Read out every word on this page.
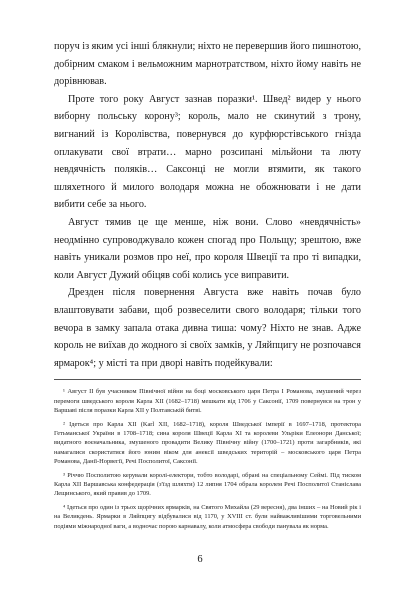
поруч із яким усі інші блякнули; ніхто не перевершив його пишнотою, добірним смаком і вельможним марнотратством, ніхто йому навіть не дорівнював.

Проте того року Август зазнав поразки¹. Швед² видер у нього виборну польську корону³; король, мало не скинутий з трону, вигнаний із Королівства, повернувся до курфюрстівського гнізда оплакувати свої втрати… марно розсипані мільйони та люту невдячність поляків… Саксонці не могли втямити, як такого шляхетного й милого володаря можна не обожнювати і не дати вибити себе за нього.

Август тямив це ще менше, ніж вони. Слово «невдячність» неодмінно супроводжувало кожен спогад про Польщу; зрештою, вже навіть уникали розмов про неї, про короля Швеції та про ті випадки, коли Август Дужий обіцяв собі колись усе виправити.

Дрезден після повернення Августа вже навіть почав було влаштовувати забави, щоб розвеселити свого володаря; тільки того вечора в замку запала отака дивна тиша: чому? Ніхто не знав. Адже король не виїхав до жодного зі своїх замків, у Ляйпцигу не розпочався ярмарок⁴; у місті та при дворі навіть подейкували:

¹ Август ІІ був учасником Північної війни на боці московського царя Петра I Романова, змушений через перемоги шведського короля Карла XII (1682–1718) мешкати від 1706 у Саксонії, 1709 повернувся на трон у Варшаві після поразки Карла XII у Полтавській битві.

² Ідеться про Карла XII (Karl XII, 1682–1718), короля Шведської імперії в 1697–1718, протектора Гетьманської України в 1708–1718; сина короля Швеції Карла XI та королеви Ульріки Елеонори Данської; видатного воєначальника, змушеного провадити Велику Північну війну (1700–1721) проти загарбників, які намагалися скористатися його юним віком для анексії шведських територій – московського царя Петра Романова, Данії-Норвегії, Речі Посполитої, Саксонії.

³ Річчю Посполитою керували королі-електори, тобто володарі, обрані на спеціальному Сеймі. Під тиском Карла XII Варшавська конфедерація (з'їзд шляхти) 12 липня 1704 обрала королем Речі Посполитої Станіслава Лещинського, який правив до 1709.

⁴ Ідеться про один із трьох щорічних ярмарків, на Святого Михайла (29 вересня), два інших – на Новий рік і на Великдень. Ярмарки в Ляйпцигу відбувалися від 1170, у XVIII ст. були найважливішими торговельними подіями міжнародної ваги, а водночас порою карнавалу, коли атмосфера свободи панувала як норма.

6
